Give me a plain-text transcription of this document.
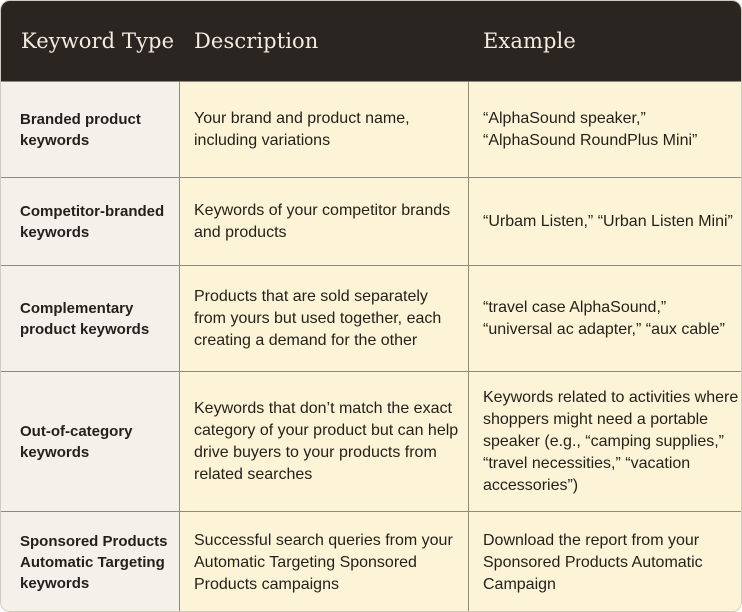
Keyword Type Description	Example
Branded product keywords
Your brand and product name, including variations
“AlphaSound speaker,” “AlphaSound RoundPlus Mini”
Competitor-branded keywords
Keywords of your competitor brands and products
“Urbam Listen,” “Urban Listen Mini”
Complementary product keywords
Products that are sold separately from yours but used together, each creating a demand for the other
“travel case AlphaSound,” “universal ac adapter,” “aux cable”
Out-of-category keywords
Keywords that don’t match the exact category of your product but can help drive buyers to your products from related searches
Keywords related to activities where shoppers might need a portable speaker (e.g., “camping supplies,” “travel necessities,” “vacation accessories”)
Sponsored Products Automatic Targeting keywords
Successful search queries from your Automatic Targeting Sponsored Products campaigns
Download the report from your Sponsored Products Automatic Campaign
